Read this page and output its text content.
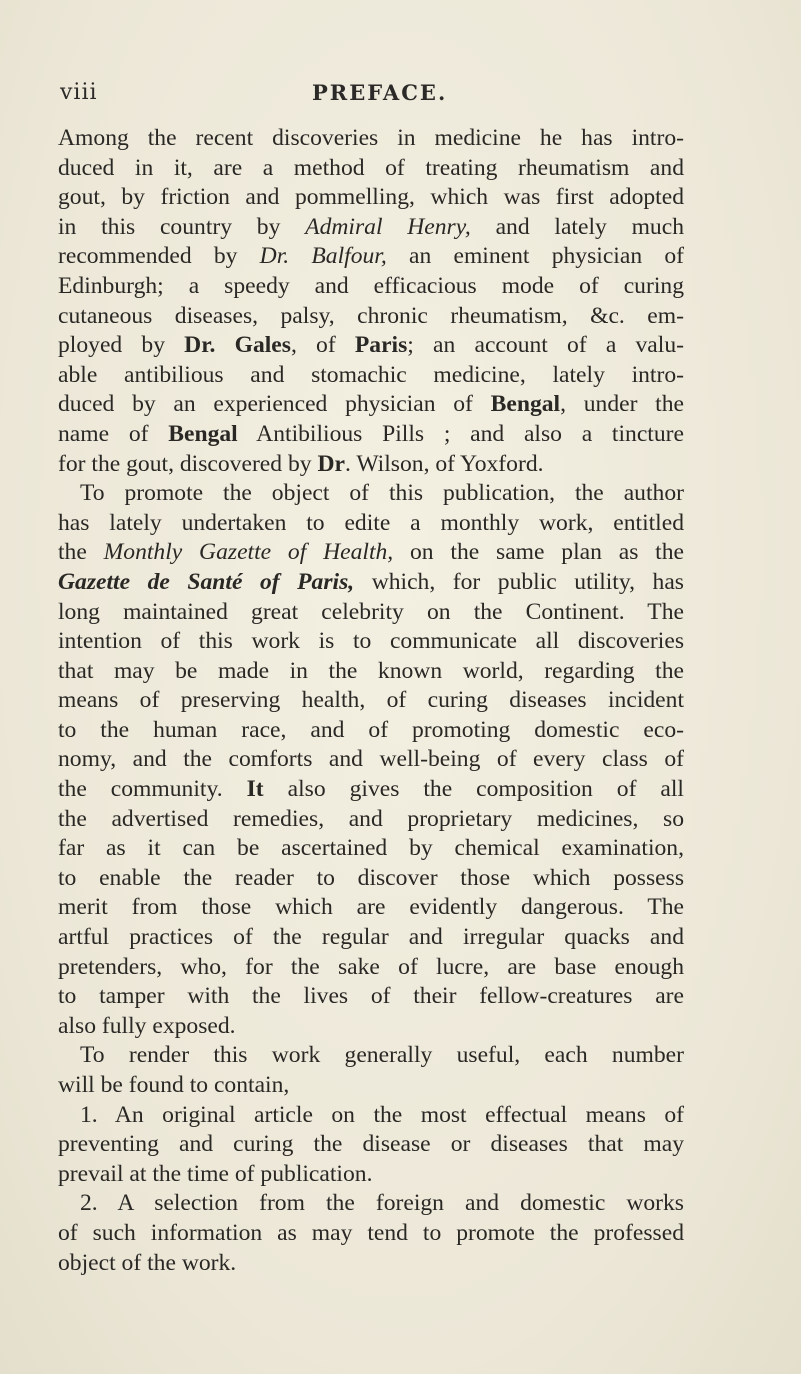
viii	PREFACE.
Among the recent discoveries in medicine he has intro-
duced in it, are a method of treating rheumatism and
gout, by friction and pommelling, which was first adopted
in this country by Admiral Henry, and lately much
recommended by Dr. Balfour, an eminent physician of
Edinburgh; a speedy and efficacious mode of curing
cutaneous diseases, palsy, chronic rheumatism, &c. em-
ployed by Dr. Gales, of Paris; an account of a valu-
able antibilious and stomachic medicine, lately intro-
duced by an experienced physician of Bengal, under the
name of Bengal Antibilious Pills ; and also a tincture
for the gout, discovered by Dr. Wilson, of Yoxford.
To promote the object of this publication, the author
has lately undertaken to edite a monthly work, entitled
the Monthly Gazette of Health, on the same plan as the
Gazette de Santé of Paris, which, for public utility, has
long maintained great celebrity on the Continent. The
intention of this work is to communicate all discoveries
that may be made in the known world, regarding the
means of preserving health, of curing diseases incident
to the human race, and of promoting domestic eco-
nomy, and the comforts and well-being of every class of
the community. It also gives the composition of all
the advertised remedies, and proprietary medicines, so
far as it can be ascertained by chemical examination,
to enable the reader to discover those which possess
merit from those which are evidently dangerous. The
artful practices of the regular and irregular quacks and
pretenders, who, for the sake of lucre, are base enough
to tamper with the lives of their fellow-creatures are
also fully exposed.
To render this work generally useful, each number
will be found to contain,
1. An original article on the most effectual means of
preventing and curing the disease or diseases that may
prevail at the time of publication.
2. A selection from the foreign and domestic works
of such information as may tend to promote the professed
object of the work.
